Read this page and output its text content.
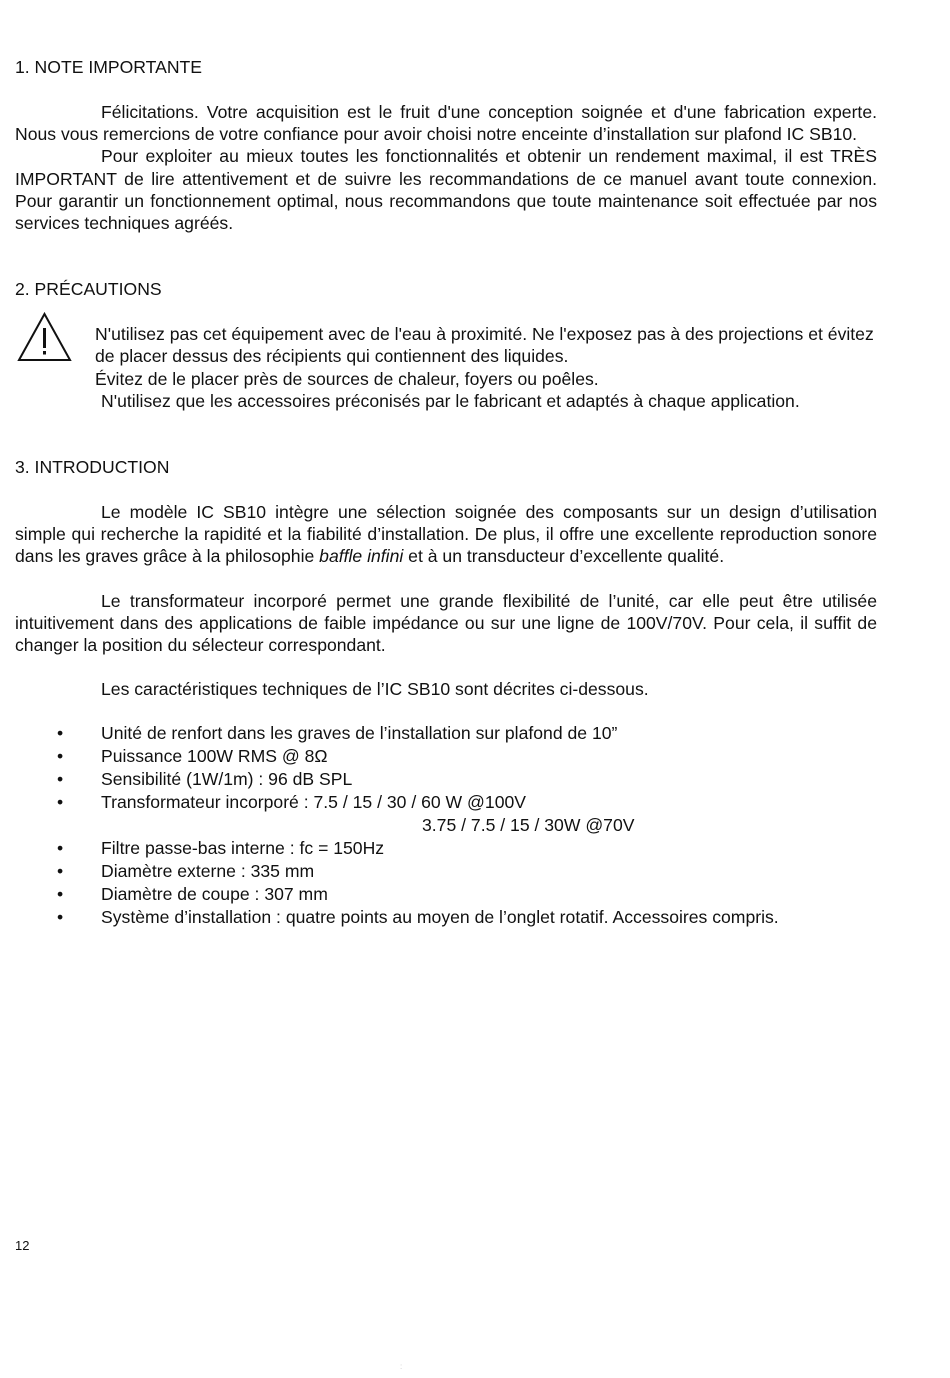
1. NOTE IMPORTANTE

Félicitations. Votre acquisition est le fruit d'une conception soignée et d'une fabrication experte. Nous vous remercions de votre confiance pour avoir choisi notre enceinte d’installation sur plafond IC SB10.

Pour exploiter au mieux toutes les fonctionnalités et obtenir un rendement maximal, il est TRÈS IMPORTANT de lire attentivement et de suivre les recommandations de ce manuel avant toute connexion. Pour garantir un fonctionnement optimal, nous recommandons que toute maintenance soit effectuée par nos services techniques agréés.

2. PRÉCAUTIONS

N'utilisez pas cet équipement avec de l'eau à proximité. Ne l'exposez pas à des projections et évitez de placer dessus des récipients qui contiennent des liquides.

Évitez de le placer près de sources de chaleur, foyers ou poêles.

N'utilisez que les accessoires préconisés par le fabricant et adaptés à chaque application.

3. INTRODUCTION

Le modèle IC SB10 intègre une sélection soignée des composants sur un design d’utilisation simple qui recherche la rapidité et la fiabilité d’installation. De plus, il offre une excellente reproduction sonore dans les graves grâce à la philosophie baffle infini et à un transducteur d’excellente qualité.

Le transformateur incorporé permet une grande flexibilité de l’unité, car elle peut être utilisée intuitivement dans des applications de faible impédance ou sur une ligne de 100V/70V. Pour cela, il suffit de changer la position du sélecteur correspondant.

Les caractéristiques techniques de l’IC SB10 sont décrites ci-dessous.

• Unité de renfort dans les graves de l’installation sur plafond de 10”
• Puissance 100W RMS @ 8Ω
• Sensibilité (1W/1m) : 96 dB SPL
• Transformateur incorporé : 7.5 / 15 / 30 / 60 W @100V
3.75 / 7.5 / 15 / 30W @70V
• Filtre passe-bas interne : fc = 150Hz
• Diamètre externe : 335 mm
• Diamètre de coupe : 307 mm
• Système d’installation : quatre points au moyen de l’onglet rotatif. Accessoires compris.
12
:
